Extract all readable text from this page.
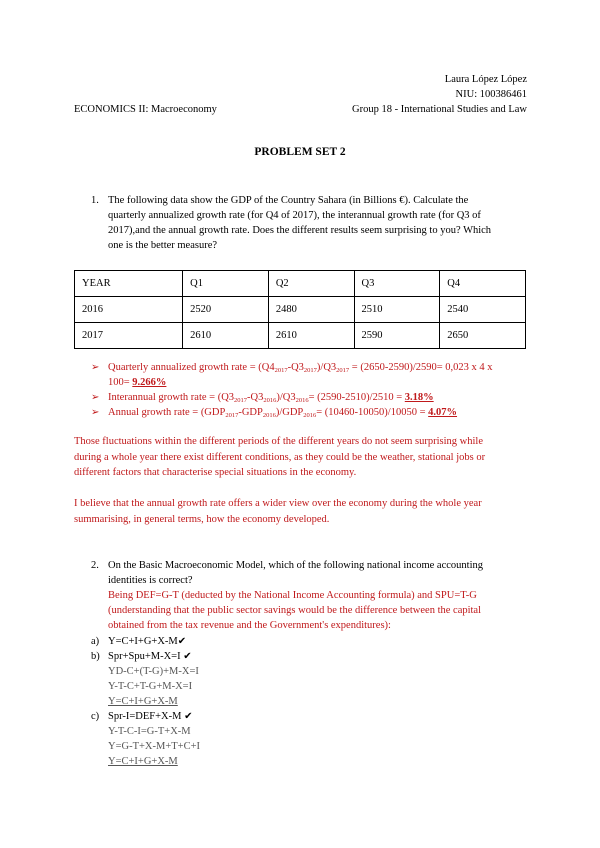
Laura López López
NIU: 100386461
ECONOMICS II: Macroeconomy	Group 18 - International Studies and Law
PROBLEM SET 2
1. The following data show the GDP of the Country Sahara (in Billions €). Calculate the
quarterly annualized growth rate (for Q4 of 2017), the interannual growth rate (for Q3 of
2017),and the annual growth rate. Does the different results seem surprising to you? Which
one is the better measure?
YEAR	Q1	Q2	Q3	Q4
2016	2520	2480	2510	2540
2017	2610	2610	2590	2650
➢ Quarterly annualized growth rate = $(Q4_{2017}-Q3_{2017})/Q3_{2017} = (2650-2590)/2590= 0,023$ x 4 x
100= 9.266%
➢ Interannual growth rate = $(Q3_{2017}-Q3_{2016})/Q3_{2016}= (2590-2510)/2510 = 3.18\%$
➢ Annual growth rate = $(GDP_{2017}-GDP_{2016})/GDP_{2016}= (10460-10050)/10050 = 4.07\%$
Those fluctuations within the different periods of the different years do not seem surprising while
during a whole year there exist different conditions, as they could be the weather, stational jobs or
different factors that characterise special situations in the economy.
I believe that the annual growth rate offers a wider view over the economy during the whole year
summarising, in general terms, how the economy developed.
2. On the Basic Macroeconomic Model, which of the following national income accounting
identities is correct?
Being DEF=G-T (deducted by the National Income Accounting formula) and SPU=T-G
(understanding that the public sector savings would be the difference between the capital
obtained from the tax revenue and the Government's expenditures):
a) Y=C+I+G+X-M✔
b) Spr+Spu+M-X=I ✔
YD-C+(T-G)+M-X=I
Y-T-C+T-G+M-X=I
Y=C+I+G+X-M
c) Spr-I=DEF+X-M ✔
Y-T-C-I=G-T+X-M
Y=G-T+X-M+T+C+I
Y=C+I+G+X-M
